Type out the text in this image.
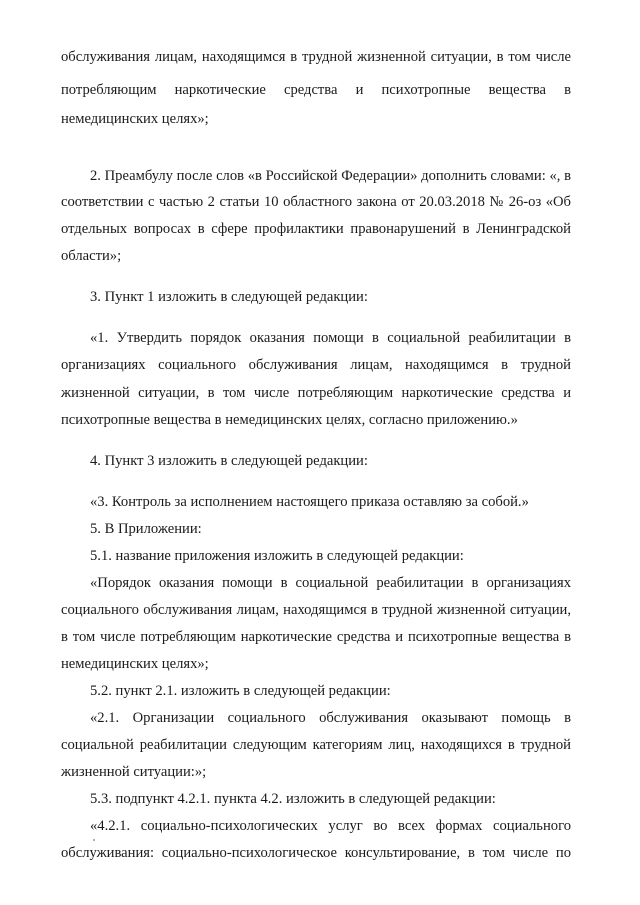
обслуживания лицам, находящимся в трудной жизненной ситуации, в том числе
потребляющим наркотические средства и психотропные вещества в
немедицинских целях»;
2. Преамбулу после слов «в Российской Федерации» дополнить словами: «, в
соответствии с частью 2 статьи 10 областного закона от 20.03.2018 № 26-оз «Об
отдельных вопросах в сфере профилактики правонарушений в Ленинградской
области»;
3. Пункт 1 изложить в следующей редакции:
«1. Утвердить порядок оказания помощи в социальной реабилитации в
организациях социального обслуживания лицам, находящимся в трудной
жизненной ситуации, в том числе потребляющим наркотические средства и
психотропные вещества в немедицинских целях, согласно приложению.»
4. Пункт 3 изложить в следующей редакции:
«3. Контроль за исполнением настоящего приказа оставляю за собой.»
5. В Приложении:
5.1. название приложения изложить в следующей редакции:
«Порядок оказания помощи в социальной реабилитации в организациях
социального обслуживания лицам, находящимся в трудной жизненной ситуации,
в том числе потребляющим наркотические средства и психотропные вещества в
немедицинских целях»;
5.2. пункт 2.1. изложить в следующей редакции:
«2.1. Организации социального обслуживания оказывают помощь в
социальной реабилитации следующим категориям лиц, находящихся в трудной
жизненной ситуации:»;
5.3. подпункт 4.2.1. пункта 4.2. изложить в следующей редакции:
«4.2.1. социально-психологических услуг во всех формах социального
обслуживания: социально-психологическое консультирование, в том числе по
